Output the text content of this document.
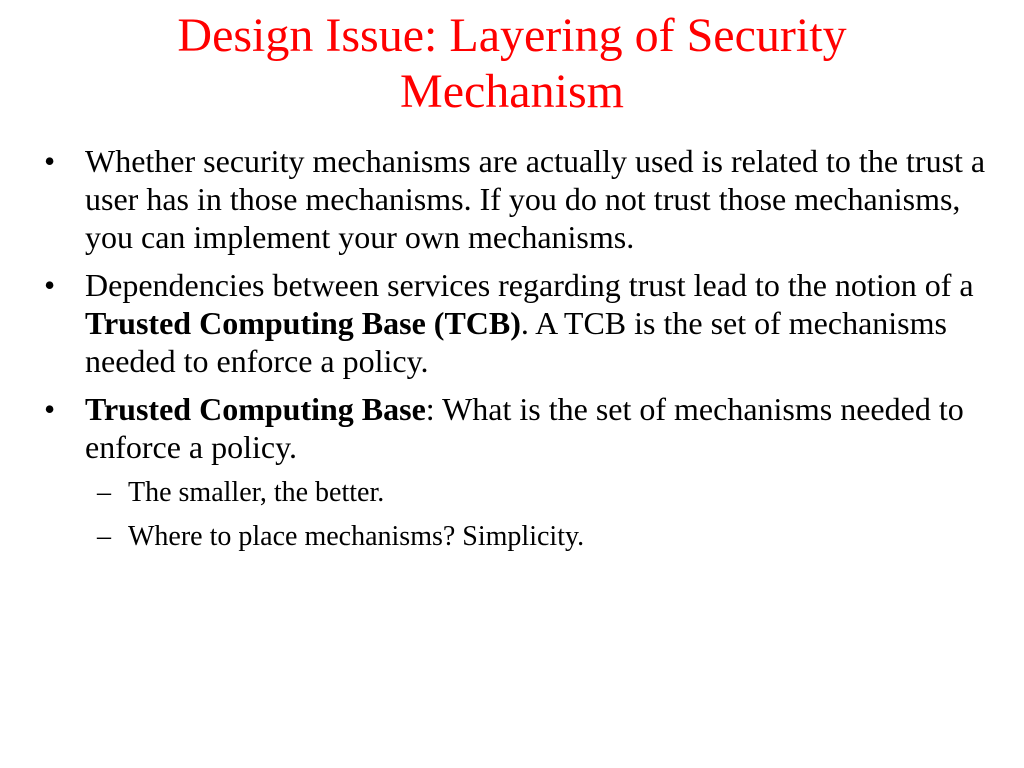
Design Issue: Layering of Security Mechanism
• Whether security mechanisms are actually used is related to the trust a user has in those mechanisms. If you do not trust those mechanisms, you can implement your own mechanisms.
• Dependencies between services regarding trust lead to the notion of a Trusted Computing Base (TCB). A TCB is the set of mechanisms needed to enforce a policy.
• Trusted Computing Base: What is the set of mechanisms needed to enforce a policy.
– The smaller, the better.
– Where to place mechanisms? Simplicity.
